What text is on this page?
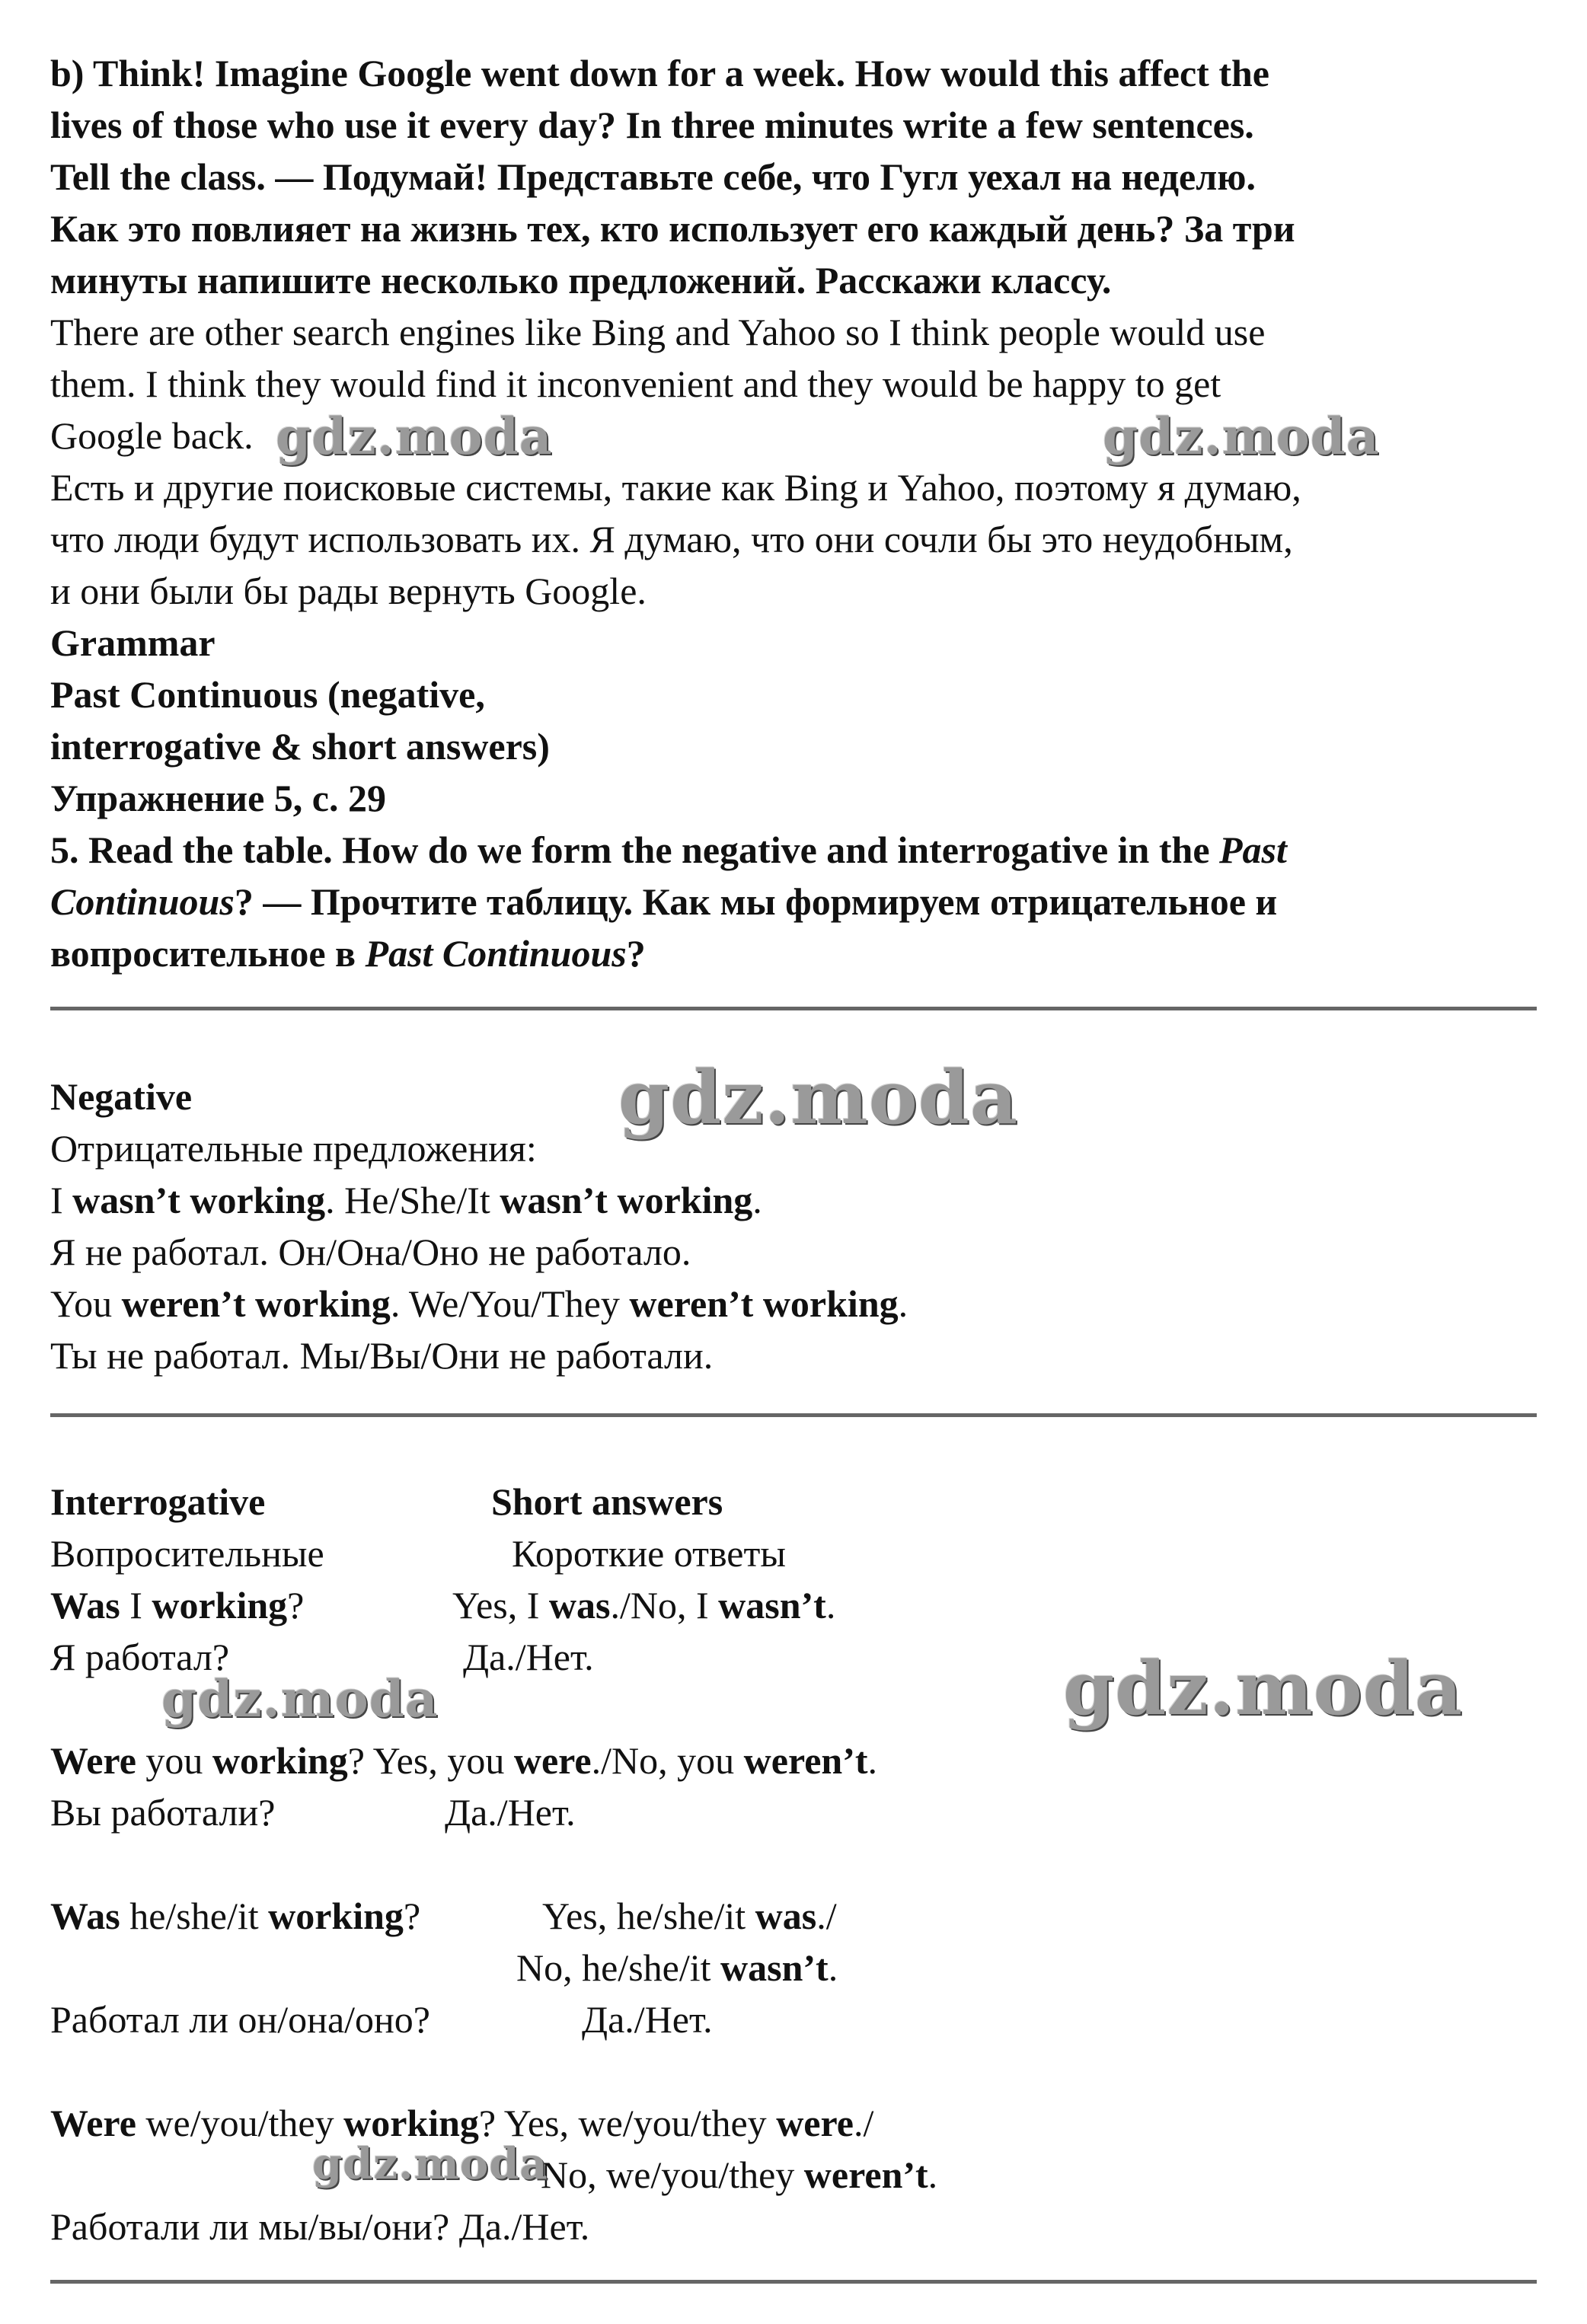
b) Think! Imagine Google went down for a week. How would this affect the
lives of those who use it every day? In three minutes write a few sentences.
Tell the class. — Подумай! Представьте себе, что Гугл уехал на неделю.
Как это повлияет на жизнь тех, кто использует его каждый день? За три
минуты напишите несколько предложений. Расскажи классу.
There are other search engines like Bing and Yahoo so I think people would use
them. I think they would find it inconvenient and they would be happy to get
Google back.
Есть и другие поисковые системы, такие как Bing и Yahoo, поэтому я думаю,
что люди будут использовать их. Я думаю, что они сочли бы это неудобным,
и они были бы рады вернуть Google.
Grammar
Past Continuous (negative,
interrogative & short answers)
Упражнение 5, с. 29
5. Read the table. How do we form the negative and interrogative in the Past
Continuous? — Прочтите таблицу. Как мы формируем отрицательное и
вопросительное в Past Continuous?
Negative
Отрицательные предложения:
I wasn’t working. He/She/It wasn’t working.
Я не работал. Он/Она/Оно не работало.
You weren’t working. We/You/They weren’t working.
Ты не работал. Мы/Вы/Они не работали.
Interrogative	Short answers
Вопросительные	Короткие ответы
Was I working?	Yes, I was./No, I wasn’t.
Я работал?	Да./Нет.
Were you working? Yes, you were./No, you weren’t.
Вы работали?	Да./Нет.
Was he/she/it working?	Yes, he/she/it was./
No, he/she/it wasn’t.
Работал ли он/она/оно?	Да./Нет.
Were we/you/they working? Yes, we/you/they were./
No, we/you/they weren’t.
Работали ли мы/вы/они? Да./Нет.
gdz.moda	gdz.moda
gdz.moda
gdz.moda	gdz.moda
gdz.moda
